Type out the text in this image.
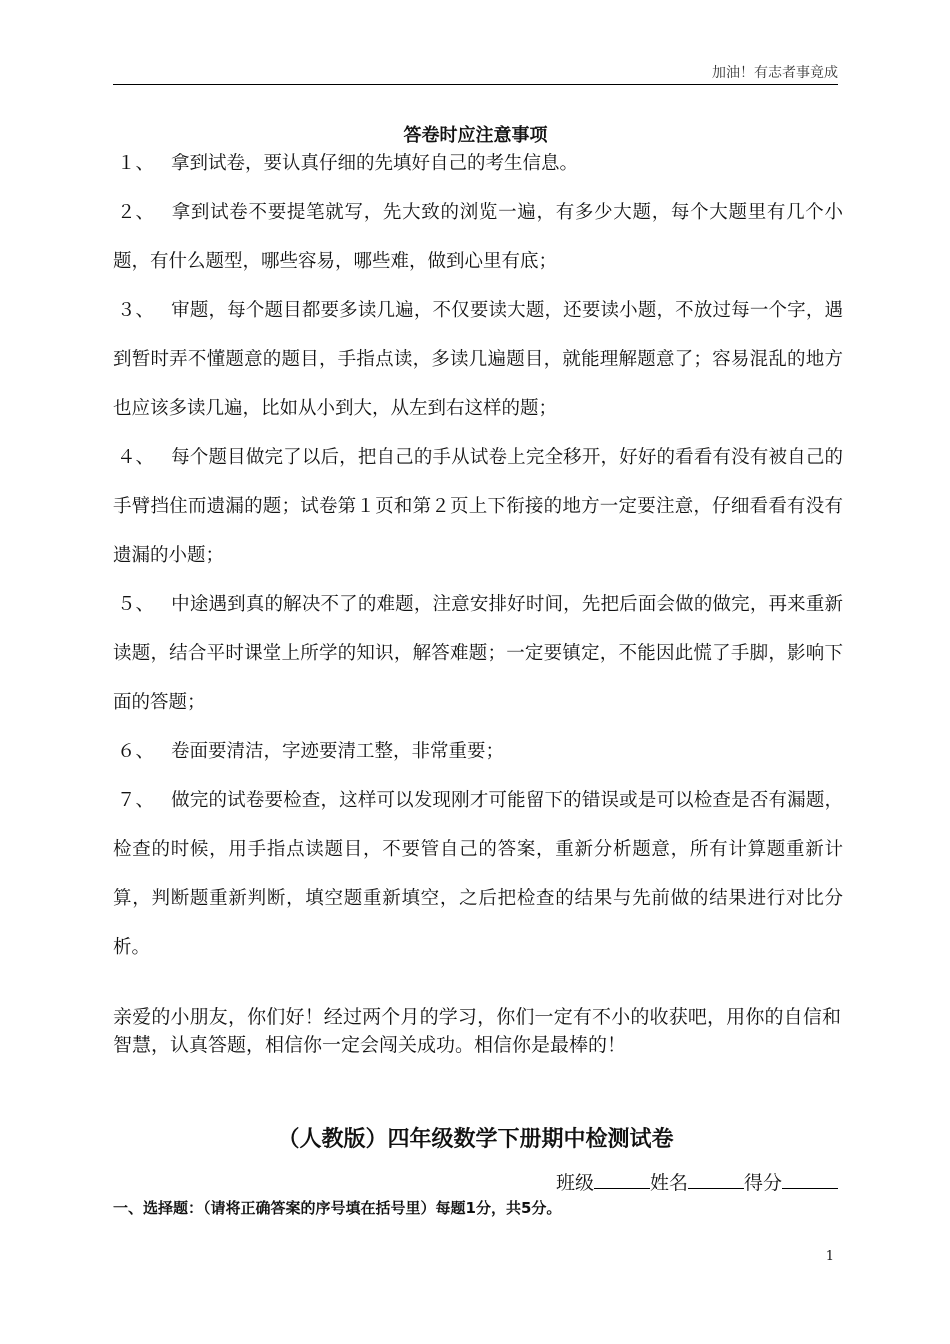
加油！有志者事竟成
答卷时应注意事项

１、 拿到试卷，要认真仔细的先填好自己的考生信息。

２、 拿到试卷不要提笔就写，先大致的浏览一遍，有多少大题，每个大题里有几个小题，有什么题型，哪些容易，哪些难，做到心里有底；

３、 审题，每个题目都要多读几遍，不仅要读大题，还要读小题，不放过每一个字，遇到暂时弄不懂题意的题目，手指点读，多读几遍题目，就能理解题意了；容易混乱的地方也应该多读几遍，比如从小到大，从左到右这样的题；

４、 每个题目做完了以后，把自己的手从试卷上完全移开，好好的看看有没有被自己的手臂挡住而遗漏的题；试卷第１页和第２页上下衔接的地方一定要注意，仔细看看有没有遗漏的小题；

５、 中途遇到真的解决不了的难题，注意安排好时间，先把后面会做的做完，再来重新读题，结合平时课堂上所学的知识，解答难题；一定要镇定，不能因此慌了手脚，影响下面的答题；

６、 卷面要清洁，字迹要清工整，非常重要；

７、 做完的试卷要检查，这样可以发现刚才可能留下的错误或是可以检查是否有漏题，检查的时候，用手指点读题目，不要管自己的答案，重新分析题意，所有计算题重新计算，判断题重新判断，填空题重新填空，之后把检查的结果与先前做的结果进行对比分析。

亲爱的小朋友，你们好！经过两个月的学习，你们一定有不小的收获吧，用你的自信和智慧，认真答题，相信你一定会闯关成功。相信你是最棒的！

（人教版）四年级数学下册期中检测试卷
班级	姓名	得分
一、选择题：（请将正确答案的序号填在括号里）每题1分，共5分。
1
